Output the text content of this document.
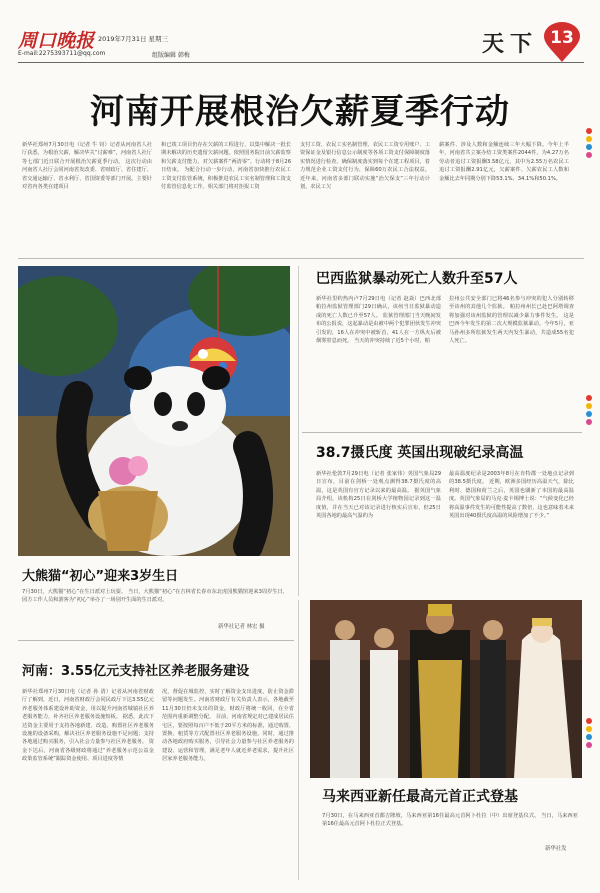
周口晚报 2019年7月31日 星期三
E-mail:2275393711@qq.com	组版编辑 韩梅	天下 13
河南开展根治欠薪夏季行动
新华社郑州7月30日电（记者 牛 钊）记者从河南省人社厅获悉，为根治欠薪，解决华关“讨薪难”，河南省人社厅等七部门近日联合开展根治欠薪夏季行动。 这次行动由河南省人社厅会同河南省发改委、省财政厅、省住建厅、省交通运输厅、省水利厅、省国资委等部门开展。主要针对省内各类在建项目
和已竣工项目仍存在欠薪的工程进行，以集中解决一批长期未解决的历史遗留欠薪问题。依照国务院日前欠薪监察和欠薪支付能力，对欠薪案件“两清零”。行动将于8月26日结束。 为配合行动一步行动，河南省加快推行农民工工资支付监管系统，积极推进农民工实名制管理和工资支付监管信息化工作。相关部门将对拒报工资
支付工资、农民工实名制管理、农民工工资专用账户、工资保证金及银行信息公示制度等各项工资支付保障制度落实情况进行检查，确保制度落实到每个在建工程项目，着力规范企业工资支付行为，保障60万农民工合法权益。 近年来，河南省多部门联动实施“治欠保支”三年行动计划，农民工欠
薪案件、涉及人数和金额连续三年大幅下降。今年上半年，河南省共立案办结工资类案件2044件，为4.27万名劳动者追讨工资报酬3.58亿元，其中为2.55万名农民工追讨工资报酬2.91亿元，欠薪案件、欠薪农民工人数和金额比去年同期分别下降53.1%、34.1%和50.1%。
大熊猫“初心”迎来3岁生日
7月30日，大熊猫“初心”在生日派对上玩耍。 当日，大熊猫“初心”在吉林省长春市东北虎园熊猫馆迎来3周岁生日，园方工作人员和游客为“初心”举办了一场别开生面的生日派对。
新华社记者 林宏 摄
巴西监狱暴动死亡人数升至57人
新华社里约热内卢7月29日电（记者 赵焱）巴西北部帕拉州监狱管理部门29日确认，该州当日监狱暴动造成的死亡人数已升至57人。 监狱管理部门当天晚间发布的公报说，这起暴动是由被中两个犯罪团伙发生冲突引发的，16人在冲突中被斩首，41人在一方纵火后被烟雾窒息而死。 当天的冲突持续了近5个小时，帕
拉州公共安全部门已将46名参与冲突的犯人分别转移至该州的其他几个监狱。 帕拉州州长已赴巴阿塔调查将加强对该州监狱的管理以减少暴力事件发生。 这是巴西今年发生的第二次大规模监狱暴动。今年5月，亚马孙州多所监狱发生两天内发生暴动，共造成55名犯人死亡。
38.7摄氏度 英国出现破纪录高温
新华社伦敦7月29日电（记者 张家伟）英国气象局29日宣布，目前在剑桥一处观点测得38.7摄氏度的高温，这是英国有官方记录以来的最高温。 据英国气象局介绍，该机构25日在剑桥大学植物园记录到这一温度值，并在当天已对该记录进行核实后宣布，但25日英国各地的最高气温约为
最高温度纪录是2003年8月在肯特郡一处地点记录到的38.5摄氏度。 近期，欧洲多国经历高温天气，除比利时、德国和荷兰之后，英国也刷新了本国的最高温度。英国气象局的马克·麦卡锡博士说：“气候变化已经将高温事件发生的可能性提高了数倍，这也意味着未来英国出现40摄氏度高温的风险增加了不少。”
河南：3.55亿元支持社区养老服务建设
新华社郑州7月30日电（记者 孙 清）记者从河南省财政厅了解到，近日，河南省财政厅会同民政厅下达3.55亿元养老服务体系建设补助资金，用以提升河南省城镇社区养老服务能力，补齐社区养老服务设施短板。 据悉，此次下达资金主要用于支持各地新建、改造、购置社区养老服务设施的设备采购，解决社区养老服务设施不足问题；支持各地通过购买服务，引入社会力量参与社区养老服务。 资金下达后，河南省各级财政将通过“养老服务示范公益金政策监管系统”跟踪资金使用、项目进度等情
况，督促在城监控，实时了解资金支出进度，防止资金滞留等问题发生。河南省财政厅有关负责人表示，各地截至11月30日仍未支出的资金，财政厅将统一收回，在全省范围内重新调整分配。 目前，河南省规定对已建成居民住宅区，要按照每百户不低于20平方米的标准，通过购置、置换、租赁等方式配置社区养老服务设施。同时，通过推动各地政府购买服务，引导社会力量参与社区养老服务的建设、运营和管理，满足老年人就近养老需求，提升社区居家养老服务能力。
马来西亚新任最高元首正式登基
7月30日，在马来西亚首都吉隆坡，马来西亚第16任最高元首阿卜杜拉（中）出席登基仪式。 当日，马来西亚第16任最高元首阿卜杜拉正式登基。
新华社发
